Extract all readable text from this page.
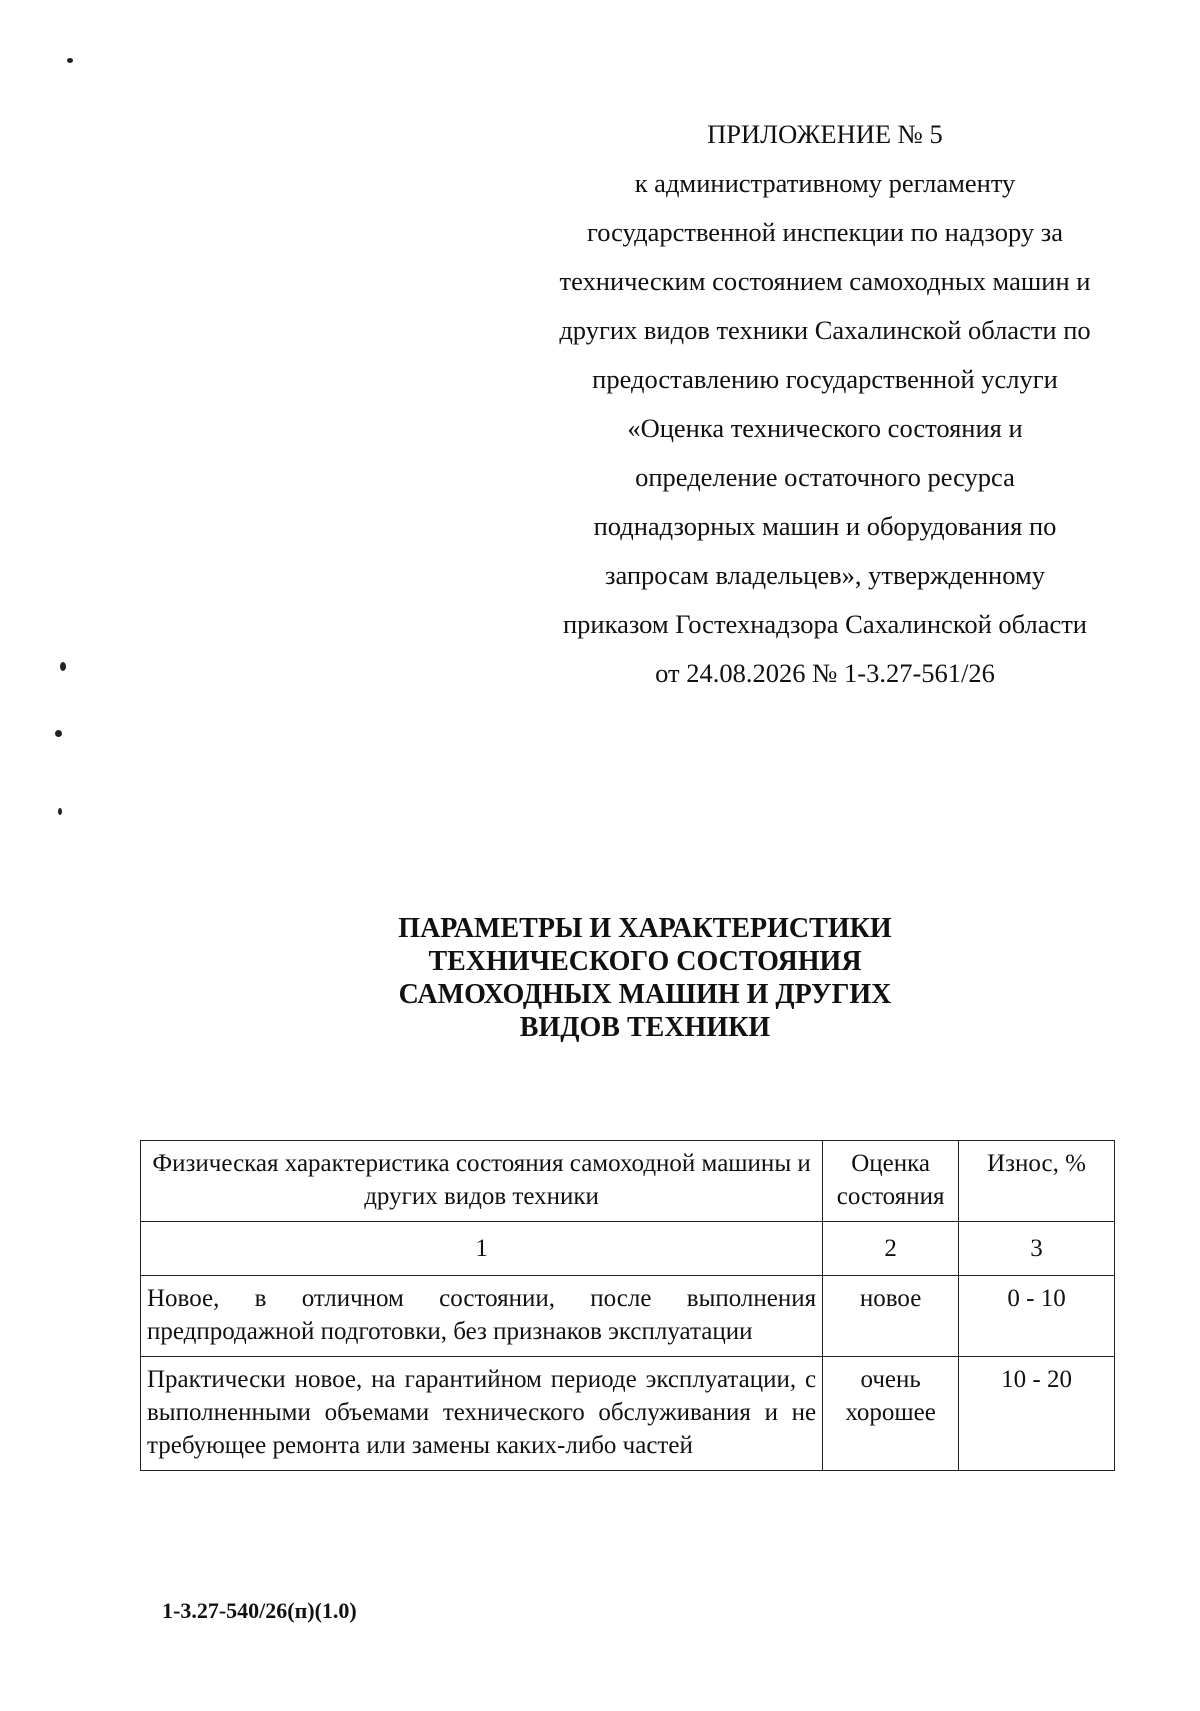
ПРИЛОЖЕНИЕ № 5
к административному регламенту
государственной инспекции по надзору за
техническим состоянием самоходных машин и
других видов техники Сахалинской области по
предоставлению государственной услуги
«Оценка технического состояния и
определение остаточного ресурса
поднадзорных машин и оборудования по
запросам владельцев», утвержденному
приказом Гостехнадзора Сахалинской области
от 24.08.2026 № 1-3.27-561/26
ПАРАМЕТРЫ И ХАРАКТЕРИСТИКИ
ТЕХНИЧЕСКОГО СОСТОЯНИЯ
САМОХОДНЫХ МАШИН И ДРУГИХ
ВИДОВ ТЕХНИКИ
Физическая характеристика состояния самоходной машины и других видов техники	Оценка состояния	Износ, %
1	2	3
Новое, в отличном состоянии, после выполнения предпродажной подготовки, без признаков эксплуатации	новое	0 - 10
Практически новое, на гарантийном периоде эксплуатации, с выполненными объемами технического обслуживания и не требующее ремонта или замены каких-либо частей	очень хорошее	10 - 20
1-3.27-540/26(п)(1.0)
